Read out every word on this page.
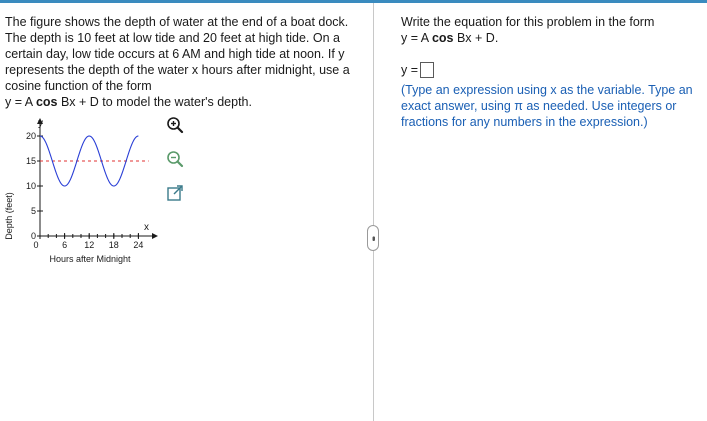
The figure shows the depth of water at the end of a boat dock. The depth is 10 feet at low tide and 20 feet at high tide. On a certain day, low tide occurs at 6 AM and high tide at noon. If y represents the depth of the water x hours after midnight, use a cosine function of the form
y = A cos Bx + D to model the water's depth.

Depth (feet)	x
Hours after Midnight
0
5
10
15
20
0	6 12 18 24
•••

Write the equation for this problem in the form
y = A cos Bx + D.

y =

(Type an expression using x as the variable. Type an exact answer, using π as needed. Use integers or fractions for any numbers in the expression.)
